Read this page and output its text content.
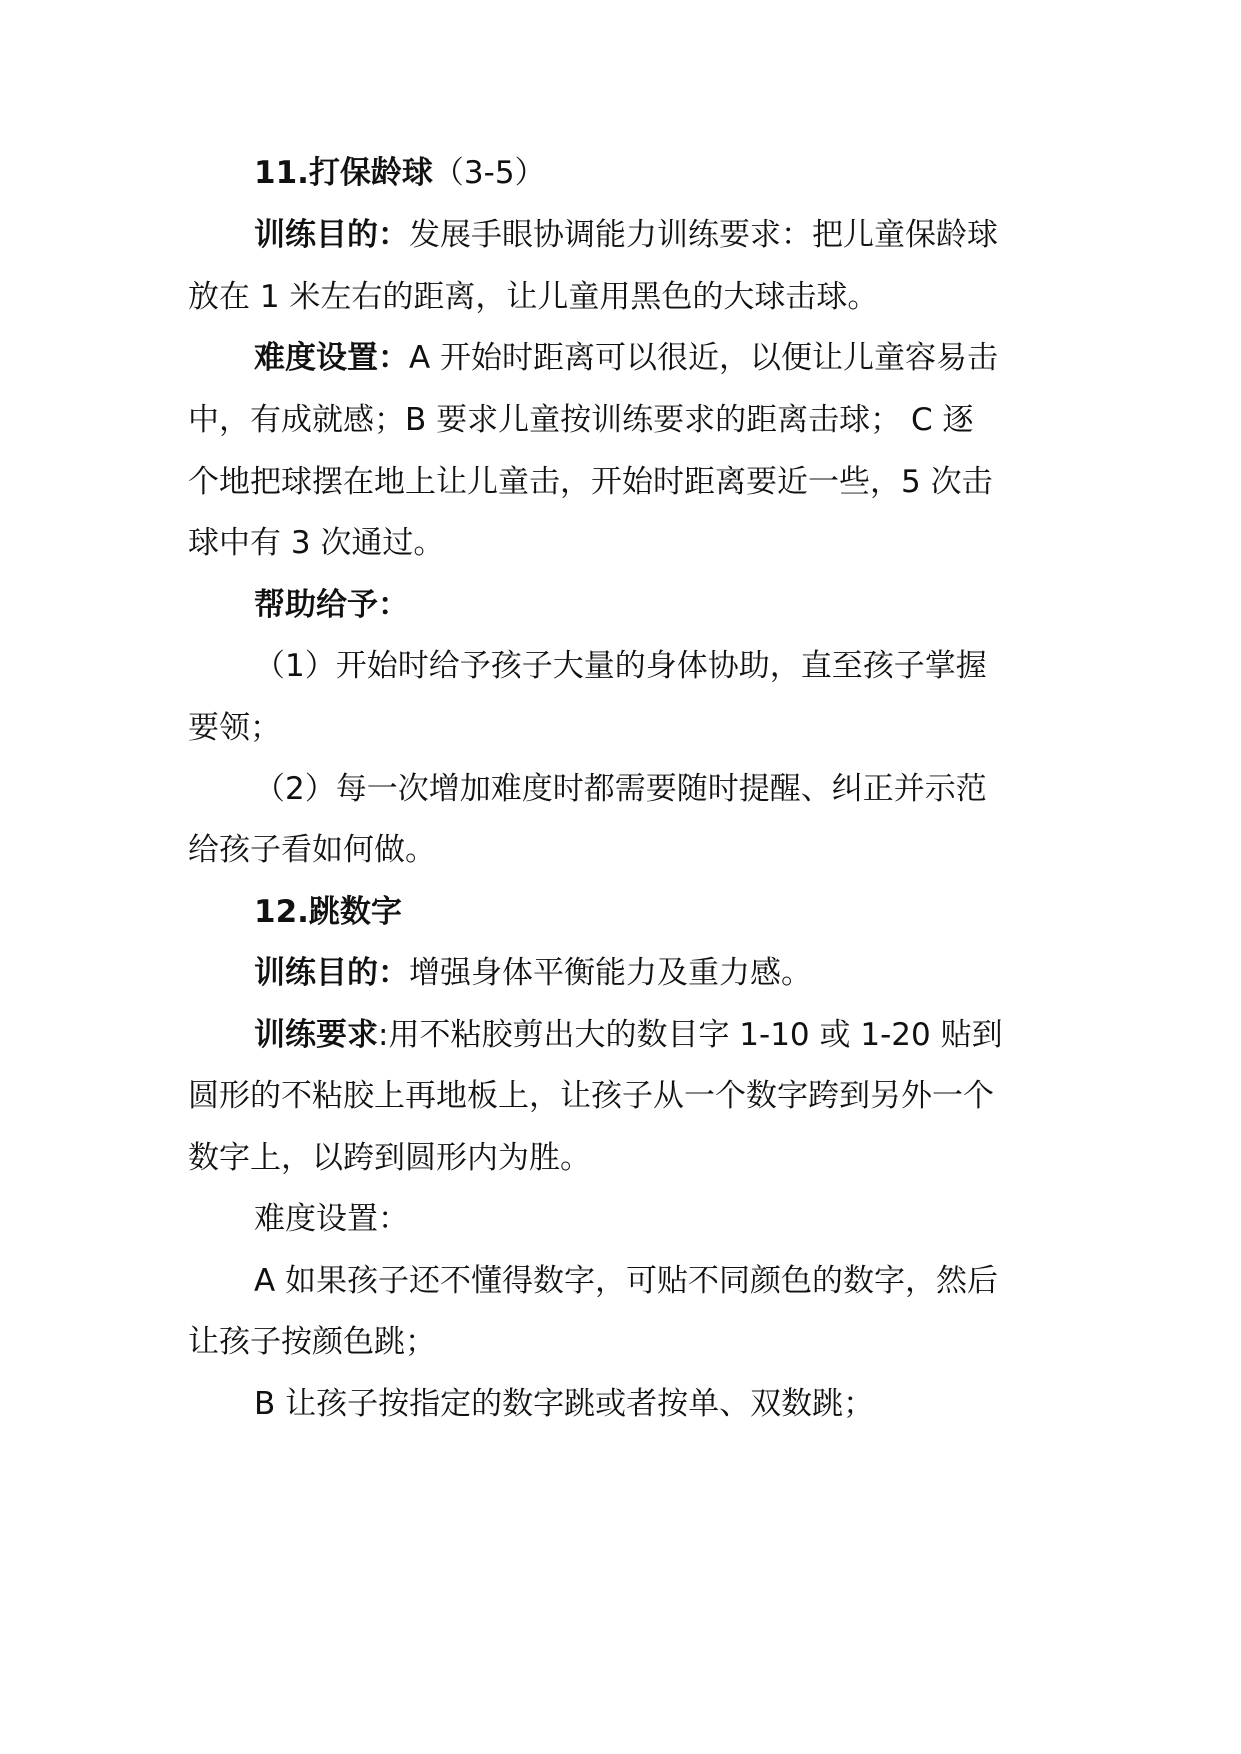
11.打保龄球（3-5）
训练目的：发展手眼协调能力训练要求：把儿童保龄球
放在 1 米左右的距离，让儿童用黑色的大球击球。
难度设置：A 开始时距离可以很近，以便让儿童容易击
中，有成就感；B 要求儿童按训练要求的距离击球； C 逐
个地把球摆在地上让儿童击，开始时距离要近一些，5 次击
球中有 3 次通过。
帮助给予：
（1）开始时给予孩子大量的身体协助，直至孩子掌握
要领；
（2）每一次增加难度时都需要随时提醒、纠正并示范
给孩子看如何做。
12.跳数字
训练目的：增强身体平衡能力及重力感。
训练要求:用不粘胶剪出大的数目字 1-10 或 1-20 贴到
圆形的不粘胶上再地板上，让孩子从一个数字跨到另外一个
数字上，以跨到圆形内为胜。
难度设置：
A 如果孩子还不懂得数字，可贴不同颜色的数字，然后
让孩子按颜色跳；
B 让孩子按指定的数字跳或者按单、双数跳；
